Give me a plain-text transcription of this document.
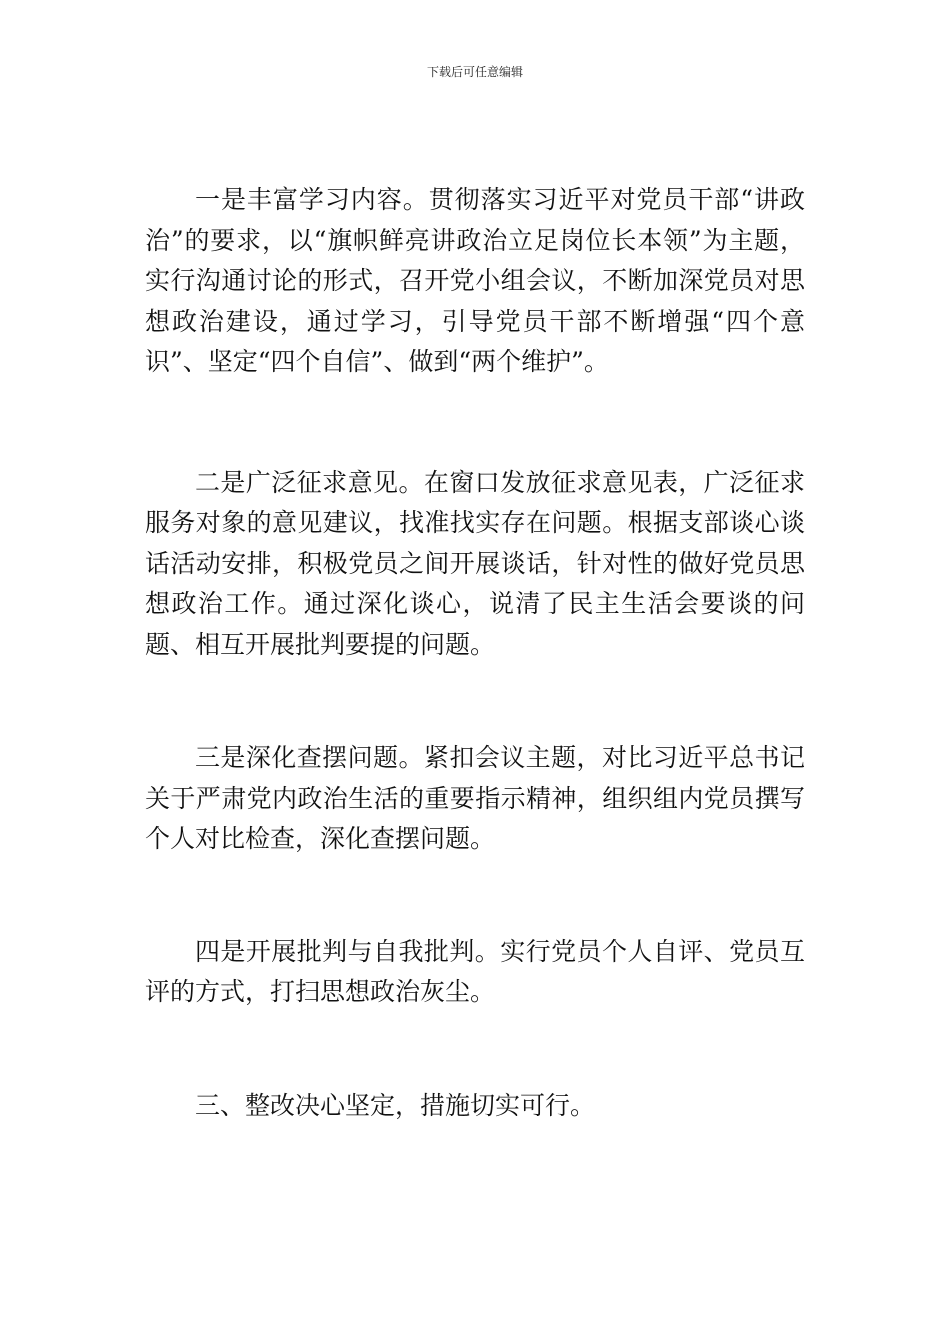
下载后可任意编辑

一是丰富学习内容。贯彻落实习近平对党员干部“讲政治”的要求，以“旗帜鲜亮讲政治立足岗位长本领”为主题，实行沟通讨论的形式，召开党小组会议，不断加深党员对思想政治建设，通过学习，引导党员干部不断增强“四个意识”、坚定“四个自信”、做到“两个维护”。

二是广泛征求意见。在窗口发放征求意见表，广泛征求服务对象的意见建议，找准找实存在问题。根据支部谈心谈话活动安排，积极党员之间开展谈话，针对性的做好党员思想政治工作。通过深化谈心，说清了民主生活会要谈的问题、相互开展批判要提的问题。

三是深化查摆问题。紧扣会议主题，对比习近平总书记关于严肃党内政治生活的重要指示精神，组织组内党员撰写个人对比检查，深化查摆问题。

四是开展批判与自我批判。实行党员个人自评、党员互评的方式，打扫思想政治灰尘。

三、整改决心坚定，措施切实可行。
